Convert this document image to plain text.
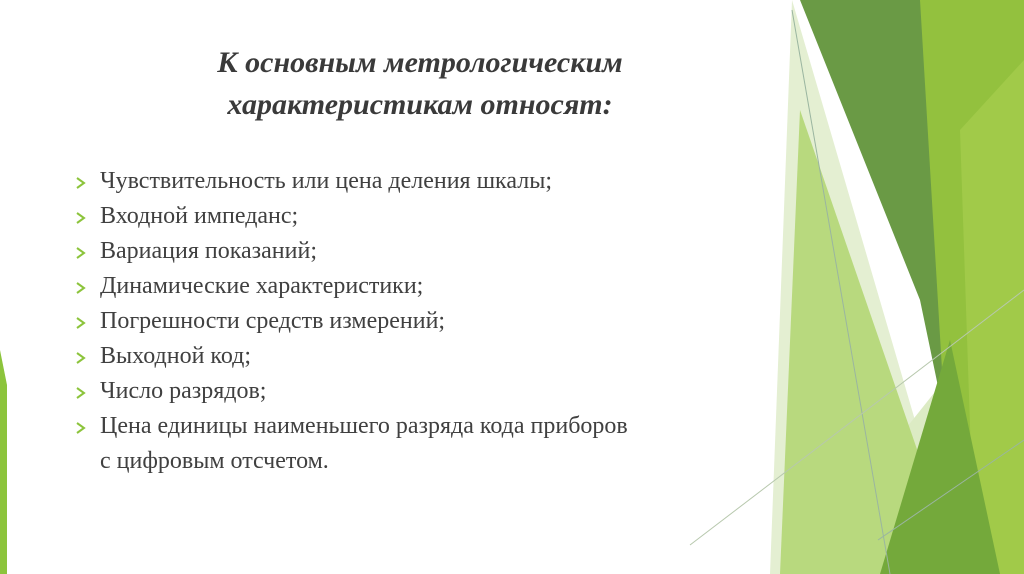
К основным метрологическим
характеристикам относят:
Чувствительность или цена деления шкалы;
Входной импеданс;
Вариация показаний;
Динамические характеристики;
Погрешности средств измерений;
Выходной код;
Число разрядов;
Цена единицы наименьшего разряда кода приборов
с цифровым отсчетом.
